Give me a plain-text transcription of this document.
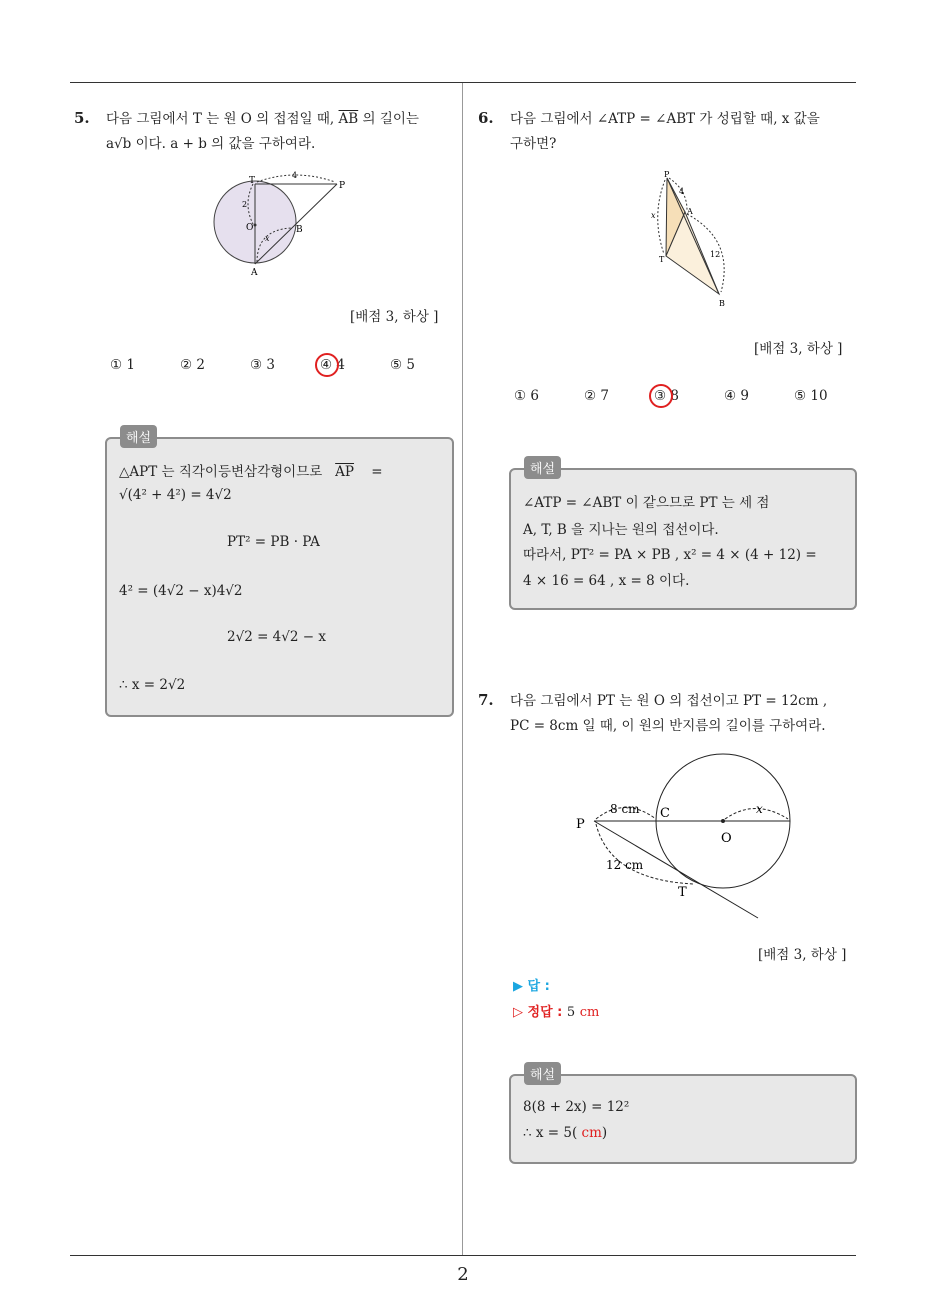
2
5. 다음 그림에서 T 는 원 O 의 접점일 때, $\overline{AB}$ 의 길이는
a√b 이다. a + b 의 값을 구하여라.
T	P
4
2
O
x
B
A
[배점 3, 하상 ]
① 1	② 2	③ 3	④ 4	⑤ 5
△APT 는 직각이등변삼각형이므로 $\overline{AP}$ =
√(4² + 4²) = 4√2
PT² = PB · PA
4² = (4√2 − x)4√2
2√2 = 4√2 − x
∴ x = 2√2
해설
6. 다음 그림에서 ∠ATP = ∠ABT 가 성립할 때, x 값을
구하면?
P
4
A
x
12
T
B
[배점 3, 하상 ]
① 6	② 7	③ 8	④ 9	⑤ 10
∠ATP = ∠ABT 이 같으므로 PT 는 세 점
A, T, B 을 지나는 원의 접선이다.
따라서, PT² = PA × PB , x² = 4 × (4 + 12) =
4 × 16 = 64 , x = 8 이다.
해설
7. 다음 그림에서 PT 는 원 O 의 접선이고 PT = 12cm ,
PC = 8cm 일 때, 이 원의 반지름의 길이를 구하여라.
P
8 cm C	x
O
12 cm
T
[배점 3, 하상 ]
▶ 답 :
▷ 정답 : 5 cm
8(8 + 2x) = 12²
∴ x = 5( cm)
해설
